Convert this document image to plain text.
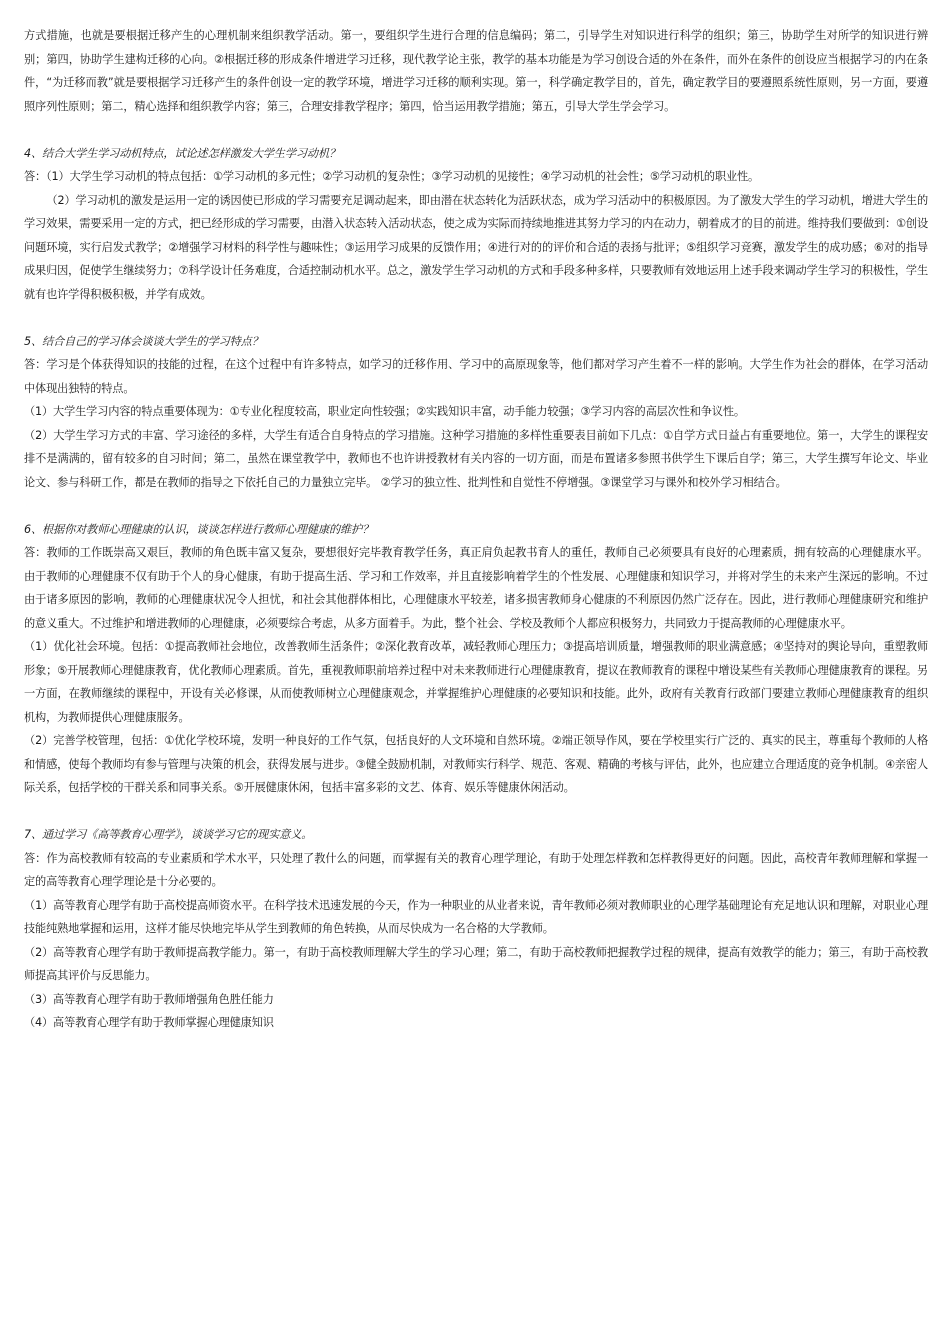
方式措施，也就是要根据迁移产生的心理机制来组织教学活动。第一，要组织学生进行合理的信息编码；第二，引导学生对知识进行科学的组织；第三，协助学生对所学的知识进行辨别；第四，协助学生建构迁移的心向。②根据迁移的形成条件增进学习迁移，现代教学论主张，教学的基本功能是为学习创设合适的外在条件，而外在条件的创设应当根据学习的内在条件，“为迁移而教”就是要根据学习迁移产生的条件创设一定的教学环境，增进学习迁移的顺利实现。第一，科学确定教学目的，首先，确定教学目的要遵照系统性原则，另一方面，要遵照序列性原则；第二，精心选择和组织教学内容；第三，合理安排教学程序；第四，恰当运用教学措施；第五，引导大学生学会学习。

4、结合大学生学习动机特点，试论述怎样激发大学生学习动机？

答：（1）大学生学习动机的特点包括：①学习动机的多元性；②学习动机的复杂性；③学习动机的见接性；④学习动机的社会性；⑤学习动机的职业性。

（2）学习动机的激发是运用一定的诱因使已形成的学习需要充足调动起来，即由潜在状态转化为活跃状态，成为学习活动中的积极原因。为了激发大学生的学习动机，增进大学生的学习效果，需要采用一定的方式，把已经形成的学习需要，由潜入状态转入活动状态，使之成为实际而持续地推进其努力学习的内在动力，朝着成才的目的前进。维持我们要做到：①创设问题环境，实行启发式教学；②增强学习材料的科学性与趣味性；③运用学习成果的反馈作用；④进行对的的评价和合适的表扬与批评；⑤组织学习竞赛，激发学生的成功感；⑥对的指导成果归因，促使学生继续努力；⑦科学设计任务难度，合适控制动机水平。总之，激发学生学习动机的方式和手段多种多样，只要教师有效地运用上述手段来调动学生学习的积极性，学生就有也许学得积极积极，并学有成效。

5、结合自己的学习体会谈谈大学生的学习特点？

答：学习是个体获得知识的技能的过程，在这个过程中有许多特点，如学习的迁移作用、学习中的高原现象等，他们都对学习产生着不一样的影响。大学生作为社会的群体，在学习活动中体现出独特的特点。

（1）大学生学习内容的特点重要体现为：①专业化程度较高，职业定向性较强；②实践知识丰富，动手能力较强；③学习内容的高层次性和争议性。

（2）大学生学习方式的丰富、学习途径的多样，大学生有适合自身特点的学习措施。这种学习措施的多样性重要表目前如下几点：①自学方式日益占有重要地位。第一，大学生的课程安排不是满满的，留有较多的自习时间；第二，虽然在课堂教学中，教师也不也许讲授教材有关内容的一切方面，而是布置诸多参照书供学生下课后自学；第三，大学生撰写年论文、毕业论文、参与科研工作，都是在教师的指导之下依托自己的力量独立完毕。 ②学习的独立性、批判性和自觉性不停增强。③课堂学习与课外和校外学习相结合。

6、根据你对教师心理健康的认识，谈谈怎样进行教师心理健康的维护？

答：教师的工作既崇高又艰巨，教师的角色既丰富又复杂，要想很好完毕教育教学任务，真正肩负起教书育人的重任，教师自己必须要具有良好的心理素质，拥有较高的心理健康水平。由于教师的心理健康不仅有助于个人的身心健康，有助于提高生活、学习和工作效率，并且直接影响着学生的个性发展、心理健康和知识学习，并将对学生的未来产生深远的影响。不过由于诸多原因的影响，教师的心理健康状况令人担忧，和社会其他群体相比，心理健康水平较差，诸多损害教师身心健康的不利原因仍然广泛存在。因此，进行教师心理健康研究和维护的意义重大。不过维护和增进教师的心理健康，必须要综合考虑，从多方面着手。为此，整个社会、学校及教师个人都应积极努力，共同致力于提高教师的心理健康水平。

（1）优化社会环境。包括：①提高教师社会地位，改善教师生活条件；②深化教育改革，减轻教师心理压力；③提高培训质量，增强教师的职业满意感；④坚持对的舆论导向，重塑教师形象；⑤开展教师心理健康教育，优化教师心理素质。首先，重视教师职前培养过程中对未来教师进行心理健康教育，提议在教师教育的课程中增设某些有关教师心理健康教育的课程。另一方面，在教师继续的课程中，开设有关必修课，从而使教师树立心理健康观念，并掌握维护心理健康的必要知识和技能。此外，政府有关教育行政部门要建立教师心理健康教育的组织机构，为教师提供心理健康服务。

（2）完善学校管理，包括：①优化学校环境，发明一种良好的工作气氛，包括良好的人文环境和自然环境。②端正领导作风，要在学校里实行广泛的、真实的民主，尊重每个教师的人格和情感，使每个教师均有参与管理与决策的机会，获得发展与进步。③健全鼓励机制，对教师实行科学、规范、客观、精确的考核与评估，此外，也应建立合理适度的竞争机制。④亲密人际关系，包括学校的干群关系和同事关系。⑤开展健康休闲，包括丰富多彩的文艺、体育、娱乐等健康休闲活动。

7、通过学习《高等教育心理学》，谈谈学习它的现实意义。

答：作为高校教师有较高的专业素质和学术水平，只处理了教什么的问题，而掌握有关的教育心理学理论，有助于处理怎样教和怎样教得更好的问题。因此，高校青年教师理解和掌握一定的高等教育心理学理论是十分必要的。

（1）高等教育心理学有助于高校提高师资水平。在科学技术迅速发展的今天，作为一种职业的从业者来说，青年教师必须对教师职业的心理学基础理论有充足地认识和理解，对职业心理技能纯熟地掌握和运用，这样才能尽快地完毕从学生到教师的角色转换，从而尽快成为一名合格的大学教师。

（2）高等教育心理学有助于教师提高教学能力。第一，有助于高校教师理解大学生的学习心理；第二，有助于高校教师把握教学过程的规律，提高有效教学的能力；第三，有助于高校教师提高其评价与反思能力。

（3）高等教育心理学有助于教师增强角色胜任能力

（4）高等教育心理学有助于教师掌握心理健康知识
